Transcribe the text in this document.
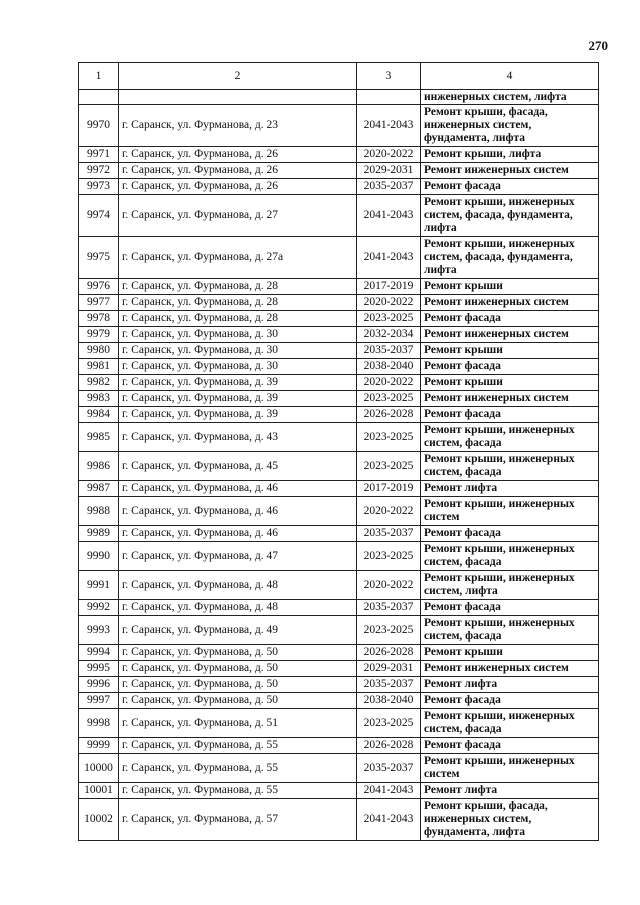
270
1	2	3	4
			инженерных систем, лифта
9970	г. Саранск, ул. Фурманова, д. 23	2041-2043	Ремонт крыши, фасада, инженерных систем, фундамента, лифта
9971	г. Саранск, ул. Фурманова, д. 26	2020-2022	Ремонт крыши, лифта
9972	г. Саранск, ул. Фурманова, д. 26	2029-2031	Ремонт инженерных систем
9973	г. Саранск, ул. Фурманова, д. 26	2035-2037	Ремонт фасада
9974	г. Саранск, ул. Фурманова, д. 27	2041-2043	Ремонт крыши, инженерных систем, фасада, фундамента, лифта
9975	г. Саранск, ул. Фурманова, д. 27а	2041-2043	Ремонт крыши, инженерных систем, фасада, фундамента, лифта
9976	г. Саранск, ул. Фурманова, д. 28	2017-2019	Ремонт крыши
9977	г. Саранск, ул. Фурманова, д. 28	2020-2022	Ремонт инженерных систем
9978	г. Саранск, ул. Фурманова, д. 28	2023-2025	Ремонт фасада
9979	г. Саранск, ул. Фурманова, д. 30	2032-2034	Ремонт инженерных систем
9980	г. Саранск, ул. Фурманова, д. 30	2035-2037	Ремонт крыши
9981	г. Саранск, ул. Фурманова, д. 30	2038-2040	Ремонт фасада
9982	г. Саранск, ул. Фурманова, д. 39	2020-2022	Ремонт крыши
9983	г. Саранск, ул. Фурманова, д. 39	2023-2025	Ремонт инженерных систем
9984	г. Саранск, ул. Фурманова, д. 39	2026-2028	Ремонт фасада
9985	г. Саранск, ул. Фурманова, д. 43	2023-2025	Ремонт крыши, инженерных систем, фасада
9986	г. Саранск, ул. Фурманова, д. 45	2023-2025	Ремонт крыши, инженерных систем, фасада
9987	г. Саранск, ул. Фурманова, д. 46	2017-2019	Ремонт лифта
9988	г. Саранск, ул. Фурманова, д. 46	2020-2022	Ремонт крыши, инженерных систем
9989	г. Саранск, ул. Фурманова, д. 46	2035-2037	Ремонт фасада
9990	г. Саранск, ул. Фурманова, д. 47	2023-2025	Ремонт крыши, инженерных систем, фасада
9991	г. Саранск, ул. Фурманова, д. 48	2020-2022	Ремонт крыши, инженерных систем, лифта
9992	г. Саранск, ул. Фурманова, д. 48	2035-2037	Ремонт фасада
9993	г. Саранск, ул. Фурманова, д. 49	2023-2025	Ремонт крыши, инженерных систем, фасада
9994	г. Саранск, ул. Фурманова, д. 50	2026-2028	Ремонт крыши
9995	г. Саранск, ул. Фурманова, д. 50	2029-2031	Ремонт инженерных систем
9996	г. Саранск, ул. Фурманова, д. 50	2035-2037	Ремонт лифта
9997	г. Саранск, ул. Фурманова, д. 50	2038-2040	Ремонт фасада
9998	г. Саранск, ул. Фурманова, д. 51	2023-2025	Ремонт крыши, инженерных систем, фасада
9999	г. Саранск, ул. Фурманова, д. 55	2026-2028	Ремонт фасада
10000	г. Саранск, ул. Фурманова, д. 55	2035-2037	Ремонт крыши, инженерных систем
10001	г. Саранск, ул. Фурманова, д. 55	2041-2043	Ремонт лифта
10002	г. Саранск, ул. Фурманова, д. 57	2041-2043	Ремонт крыши, фасада, инженерных систем, фундамента, лифта
